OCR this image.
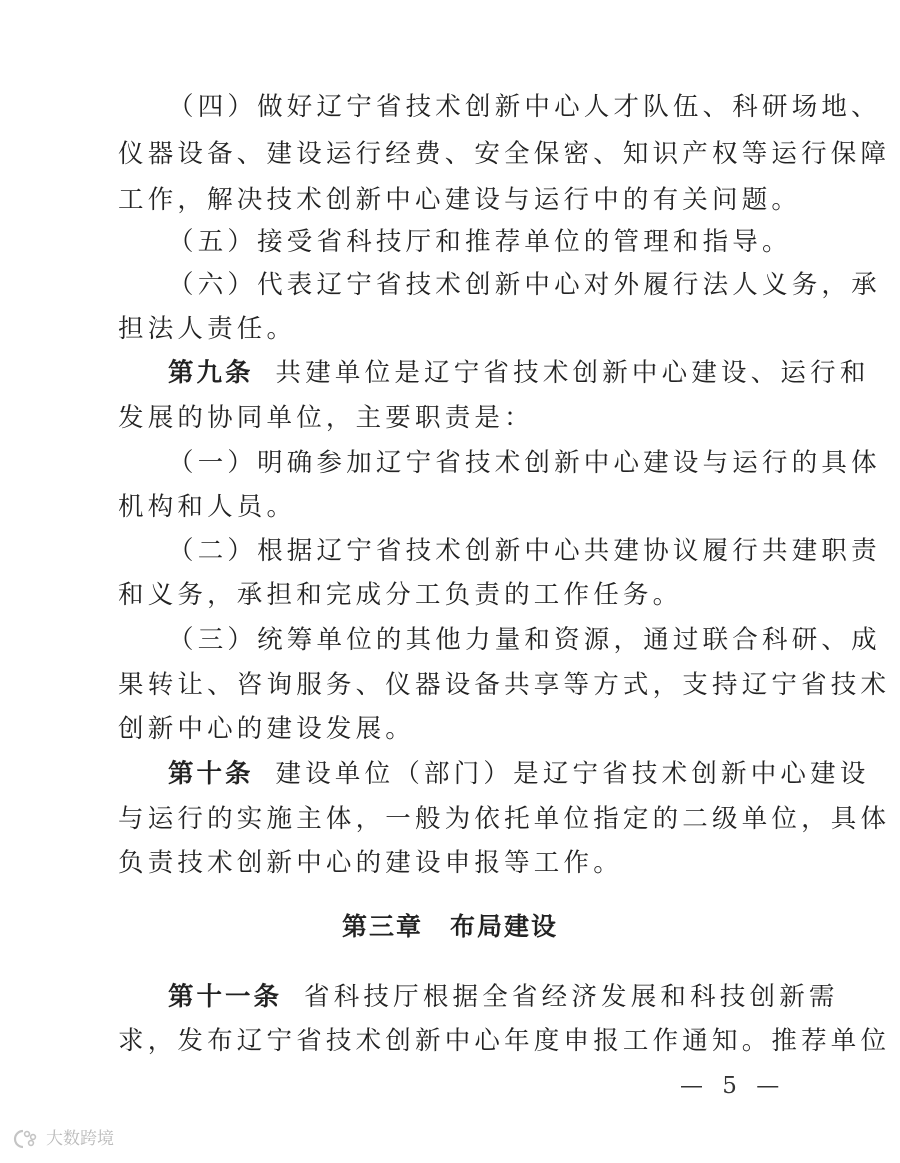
（四）做好辽宁省技术创新中心人才队伍、科研场地、
仪器设备、建设运行经费、安全保密、知识产权等运行保障
工作，解决技术创新中心建设与运行中的有关问题。
（五）接受省科技厅和推荐单位的管理和指导。
（六）代表辽宁省技术创新中心对外履行法人义务，承
担法人责任。
第九条 共建单位是辽宁省技术创新中心建设、运行和
发展的协同单位，主要职责是：
（一）明确参加辽宁省技术创新中心建设与运行的具体
机构和人员。
（二）根据辽宁省技术创新中心共建协议履行共建职责
和义务，承担和完成分工负责的工作任务。
（三）统筹单位的其他力量和资源，通过联合科研、成
果转让、咨询服务、仪器设备共享等方式，支持辽宁省技术
创新中心的建设发展。
第十条 建设单位（部门）是辽宁省技术创新中心建设
与运行的实施主体，一般为依托单位指定的二级单位，具体
负责技术创新中心的建设申报等工作。
第三章　布局建设
第十一条 省科技厅根据全省经济发展和科技创新需
求，发布辽宁省技术创新中心年度申报工作通知。推荐单位
— 5 —
大数跨境
